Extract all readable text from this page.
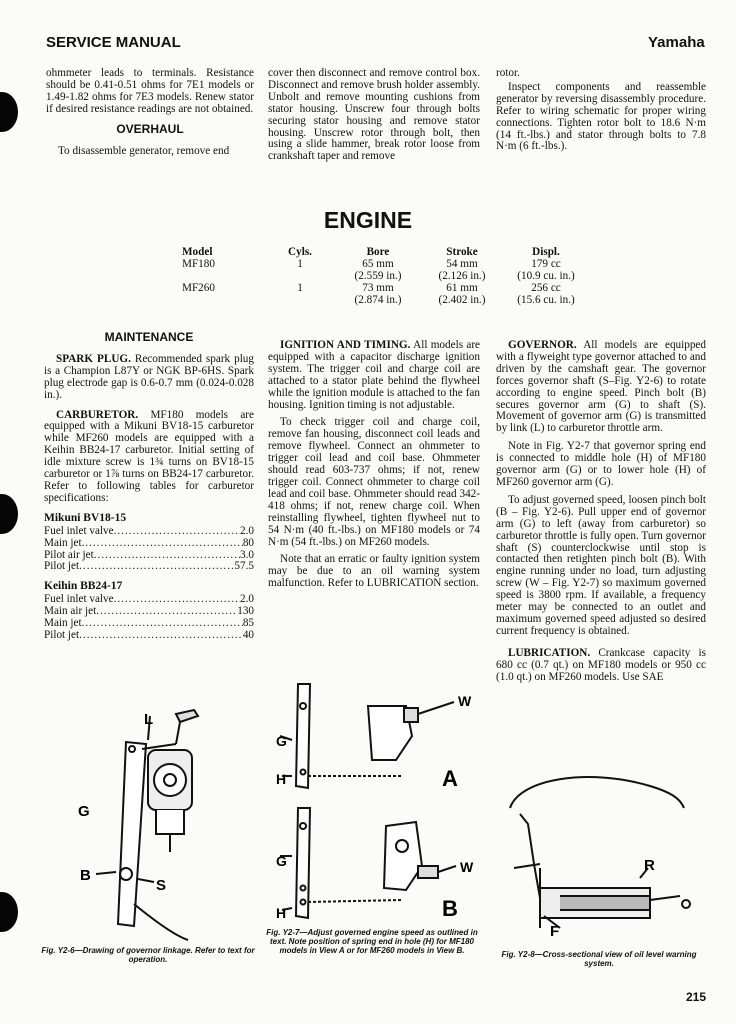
SERVICE MANUAL	Yamaha

ohmmeter leads to terminals. Resistance should be 0.41-0.51 ohms for 7E1 models or 1.49-1.82 ohms for 7E3 models. Renew stator if desired resistance readings are not obtained.

OVERHAUL

To disassemble generator, remove end

cover then disconnect and remove control box. Disconnect and remove brush holder assembly. Unbolt and remove mounting cushions from stator housing. Unscrew four through bolts securing stator housing and remove stator housing. Unscrew rotor through bolt, then using a slide hammer, break rotor loose from crankshaft taper and remove

rotor.

Inspect components and reassemble generator by reversing disassembly procedure. Refer to wiring schematic for proper wiring connections. Tighten rotor bolt to 18.6 N·m (14 ft.-lbs.) and stator through bolts to 7.8 N·m (6 ft.-lbs.).

ENGINE
Model	Cyls.	Bore	Stroke	Displ.
MF180	1	65 mm	54 mm	179 cc
		(2.559 in.)	(2.126 in.)	(10.9 cu. in.)
MF260	1	73 mm	61 mm	256 cc
		(2.874 in.)	(2.402 in.)	(15.6 cu. in.)
MAINTENANCE

SPARK PLUG. Recommended spark plug is a Champion L87Y or NGK BP-6HS. Spark plug electrode gap is 0.6-0.7 mm (0.024-0.028 in.).

CARBURETOR. MF180 models are equipped with a Mikuni BV18-15 carburetor while MF260 models are equipped with a Keihin BB24-17 carburetor. Initial setting of idle mixture screw is 1¾ turns on BV18-15 carburetor or 1⅞ turns on BB24-17 carburetor. Refer to following tables for carburetor specifications:

Mikuni BV18-15
Fuel inlet valve .....	2.0
Main jet .....	80
Pilot air jet .....	3.0
Pilot jet .....	57.5
Keihin BB24-17
Fuel inlet valve .....	2.0
Main air jet .....	130
Main jet .....	85
Pilot jet .....	40

IGNITION AND TIMING. All models are equipped with a capacitor discharge ignition system. The trigger coil and charge coil are attached to a stator plate behind the flywheel while the ignition module is attached to the fan housing. Ignition timing is not adjustable.

To check trigger coil and charge coil, remove fan housing, disconnect coil leads and remove flywheel. Connect an ohmmeter to trigger coil lead and coil base. Ohmmeter should read 603-737 ohms; if not, renew trigger coil. Connect ohmmeter to charge coil lead and coil base. Ohmmeter should read 342-418 ohms; if not, renew charge coil. When reinstalling flywheel, tighten flywheel nut to 54 N·m (40 ft.-lbs.) on MF180 models or 74 N·m (54 ft.-lbs.) on MF260 models.

Note that an erratic or faulty ignition system may be due to an oil warning system malfunction. Refer to LUBRICATION section.

GOVERNOR. All models are equipped with a flyweight type governor attached to and driven by the camshaft gear. The governor forces governor shaft (S–Fig. Y2-6) to rotate according to engine speed. Pinch bolt (B) secures governor arm (G) to shaft (S). Movement of governor arm (G) is transmitted by link (L) to carburetor throttle arm.

Note in Fig. Y2-7 that governor spring end is connected to middle hole (H) of MF180 governor arm (G) or to lower hole (H) of MF260 governor arm (G).

To adjust governed speed, loosen pinch bolt (B – Fig. Y2-6). Pull upper end of governor arm (G) to left (away from carburetor) so carburetor throttle is fully open. Turn governor shaft (S) counterclockwise until stop is contacted then retighten pinch bolt (B). With engine running under no load, turn adjusting screw (W – Fig. Y2-7) so maximum governed speed is 3800 rpm. If available, a frequency meter may be connected to an outlet and maximum governed speed adjusted so desired current frequency is obtained.

LUBRICATION. Crankcase capacity is 680 cc (0.7 qt.) on MF180 models or 950 cc (1.0 qt.) on MF260 models. Use SAE

L
G
B
S
Fig. Y2-6—Drawing of governor linkage. Refer to text for operation.
W
G
H	A
W
G
H	B
Fig. Y2-7—Adjust governed engine speed as outlined in text. Note position of spring end in hole (H) for MF180 models in View A or for MF260 models in View B.
R
F
Fig. Y2-8—Cross-sectional view of oil level warning system.
215
